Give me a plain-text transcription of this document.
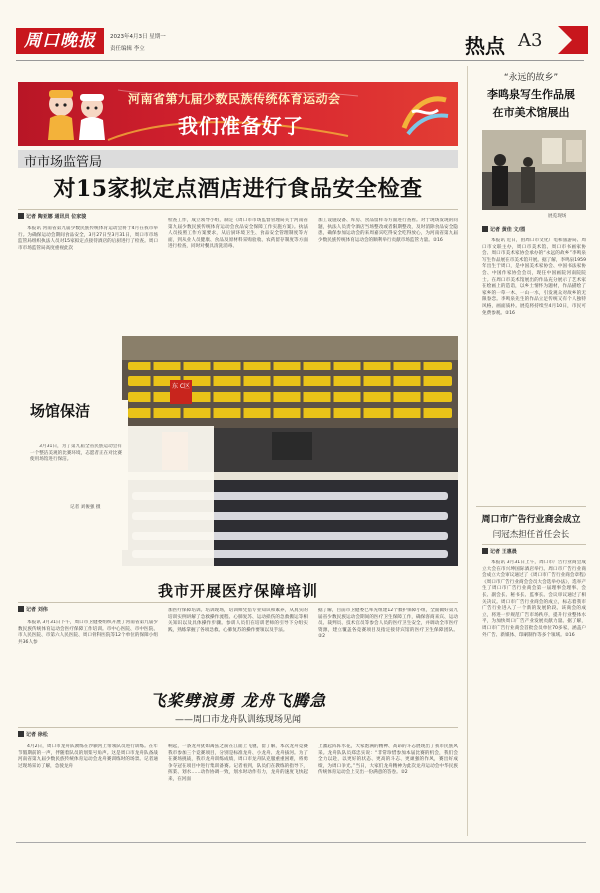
周口晚报	2023年4月3日 星期一
责任编辑 李立	热点 A3
河南省第九届少数民族传统体育运动会
我们准备好了
市市场监管局
对15家拟定点酒店进行食品安全检查
记者 陶亚娜 通讯员 位家骏
本报讯 河南省第九届少数民族传统体育运动会将于4月在我市举行。为确保运动会期间食品安全，3月27日至3月31日，周口市市场监管局组织执法人员对15家拟定点接待酒店的后厨进行了检查。周口市市场监管局高度重视此次
检查工作，成立领导小组，制定《周口市市场监督管理局关于河南省第九届少数民族传统体育运动会食品安全保障工作实施方案》。执法人员按照工作方案要求，从后厨环境卫生、食品安全管理制度等方面，到从业人员健康、食品及原材料采购验收、农药留存制度等方面进行检查，同时对餐具清洗消毒、
加工设施设备、库房、食品留样等方面进行查看。对于现场发现的问题，执法人员责令酒店当场整改或者限期整改，及时消除食品安全隐患，确保参加运动会的来周嘉宾吃得安全吃得放心，为河南省第九届少数民族传统体育运动会的顺利举行贡献市场监管力量。②16
东 C区
场馆保洁
3月31日，为了第九届全省民族运动会有一个整洁美观的比赛环境，志愿者正在对比赛使用场馆进行保洁。
记者 刘俊强 摄
我市开展医疗保障培训
记者 刘伟
本报讯 3月31日下午，周口市卫健委组织开展了河南省第九届少数民族传统体育运动会医疗保障工作培训。市中心医院、市中医院、市人民医院、市第六人民医院、周口骨科医院等12个单位的保障小组共36人参
加医疗保障培训。培训现场，培训师凭借专业知识和素养，从真实的培训实例讲解了急救操作流程、心肺复苏、运动损伤的急救搬运等相关知识以及具体操作步骤。参训人员们在培训老师的引导下分组实践，熟练掌握了各项急救、心肺复苏的操作要领以及手法。
据了解，目前市卫健委已率先组建12个救护保障小组，全面做好第九届省少数民族运动会期间的医疗卫生保障工作，确保客商来宾、运动员、裁判员、技术官员等参会人员的医疗卫生安全，并调动全市医疗资源，建立覆盖各竞赛项目及指定接待宾馆的医疗卫生保障团队。②2
飞桨劈浪勇 龙舟飞腾急
——周口市龙舟队训练现场见闻
记者 徐松
4月2日，周口市龙舟队教练在沙颍河上带领队员进行训练。在年节假期前的一声，伴随着队员的划桨号角声。这是周口市龙舟队备战河南省第九届少数民族传统体育运动会龙舟赛训练时的场景。记者通过现场采访了解，急驶龙舟
响起，一条龙舟犹如离弦之箭在江面上飞驰，留了解，本次龙舟竞赛我市参加三个竞赛项目，分别是标准龙舟、小龙舟、龙舟拔河。为了在赛场挑战，我市龙舟训练成绩，周口市龙舟队克服重重困难，将勇争夺冠在项目中进行集训备赛。记者看到，队员们在教练的指导下，挥桨、划水……动作协调一致，划水时动作有力，龙舟的速度飞快起来，在河面
上激起阵阵水花，大家饱满的精神、高昂的斗志展现出了我市民族风采。龙舟队队员郑忠实说：“非常珍惜参加本届比赛的机会，我们会全力以赴，以更好的状态、更高的斗志、更顽强的作风，赛出好成绩，为周口争光。”当日，大家们龙舟精神为此次龙舟运动会中华民族传统体育运动会上交出一份满意的答卷。②2
“永远的故乡”
李鸣泉写生作品展
在市美术馆展出
展览现场
记者 黄佳 文/图
本报讯 近日，由周口市文化广电和旅游局、周口市文联主办，周口市美术馆、周口市书画家协会、周口市美术家协会承办的“永远的故乡”李鸣泉写生作品展在市美术馆开展。据了解，李鸣泉1959年出生于周口，是中国美术家协会、中国书法家协会、中国作家协会会员，现任中国画院河南院院士。在周口市美术馆展出的作品充分展示了艺术家在绘画上的造诣，以乡土情怀为题材，作品描绘了家乡的一草一木、一山一水，引发观众对故乡的无限眷恋。李鸣泉先生的作品立足传统又有个人独特风格，画面质朴。展览将持续至4月10日，市民可免费参观。②16
周口市广告行业商会成立
闫冠杰担任首任会长
记者 王惠晨
本报讯 3月31日上午，周口市广告行业商会成立大会在市兴坤国际酒店举行。周口市广告行业商会成立大会审议通过了《周口市广告行业商会章程》《周口市广告行业商会会员大会选举办法》，选举产生了周口市广告行业商会第一届理事会理事、会长、副会长、秘书长、监事长。会议审议通过了相关决议。周口市广告行业商会的成立，标志着我市广告行业进入了一个新的发展阶段。该商会的成立，将进一步规范广告市场秩序，提升行业整体水平，为加快周口广告产业发展贡献力量。据了解，周口市广告行业商会首批会员单位70多家，涵盖户外广告、新媒体、印刷制作等多个领域。②16
